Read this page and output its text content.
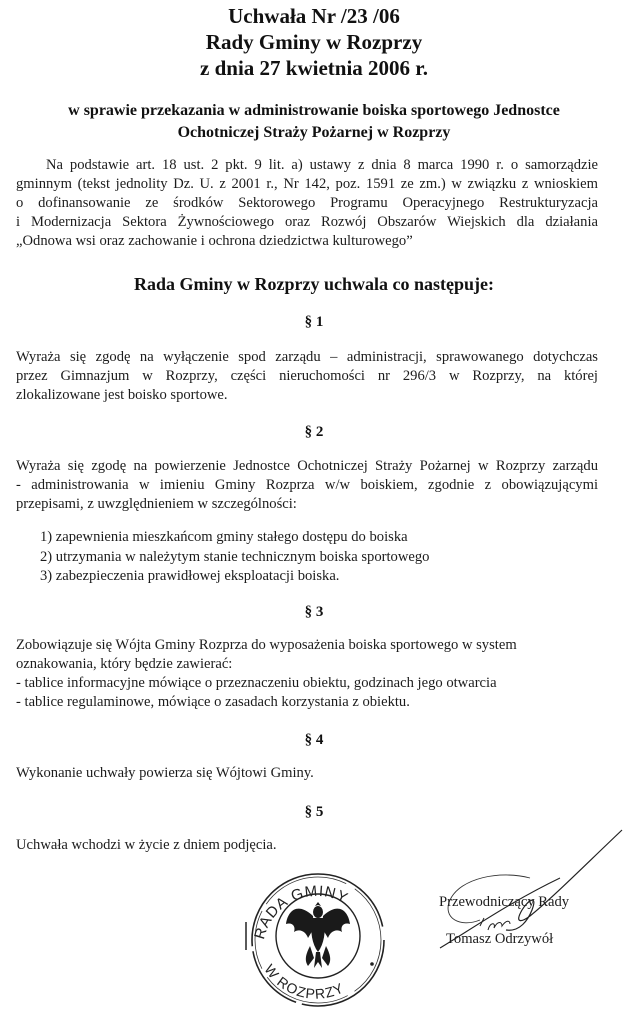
Uchwała Nr /23 /06
Rady Gminy w Rozprzy
z dnia 27 kwietnia 2006 r.
w sprawie przekazania w administrowanie boiska sportowego Jednostce
Ochotniczej Straży Pożarnej w Rozprzy
Na podstawie art. 18 ust. 2 pkt. 9 lit. a) ustawy z dnia 8 marca 1990 r. o samorządzie
gminnym (tekst jednolity Dz. U. z 2001 r., Nr 142, poz. 1591 ze zm.) w związku z wnioskiem
o dofinansowanie ze środków Sektorowego Programu Operacyjnego Restrukturyzacja
i Modernizacja Sektora Żywnościowego oraz Rozwój Obszarów Wiejskich dla działania
„Odnowa wsi oraz zachowanie i ochrona dziedzictwa kulturowego”
Rada Gminy w Rozprzy uchwala co następuje:
§ 1
Wyraża się zgodę na wyłączenie spod zarządu – administracji, sprawowanego dotychczas
przez Gimnazjum w Rozprzy, części nieruchomości nr 296/3 w Rozprzy, na której
zlokalizowane jest boisko sportowe.
§ 2
Wyraża się zgodę na powierzenie Jednostce Ochotniczej Straży Pożarnej w Rozprzy zarządu
- administrowania w imieniu Gminy Rozprza w/w boiskiem, zgodnie z obowiązującymi
przepisami, z uwzględnieniem w szczególności:
1) zapewnienia mieszkańcom gminy stałego dostępu do boiska
2) utrzymania w należytym stanie technicznym boiska sportowego
3) zabezpieczenia prawidłowej eksploatacji boiska.
§ 3
Zobowiązuje się Wójta Gminy Rozprza do wyposażenia boiska sportowego w system
oznakowania, który będzie zawierać:
- tablice informacyjne mówiące o przeznaczeniu obiektu, godzinach jego otwarcia
- tablice regulaminowe, mówiące o zasadach korzystania z obiektu.
§ 4
Wykonanie uchwały powierza się Wójtowi Gminy.
§ 5
Uchwała wchodzi w życie z dniem podjęcia.
RADA GMINY
W ROZPRZY
Przewodniczący Rady
Tomasz Odrzywół
